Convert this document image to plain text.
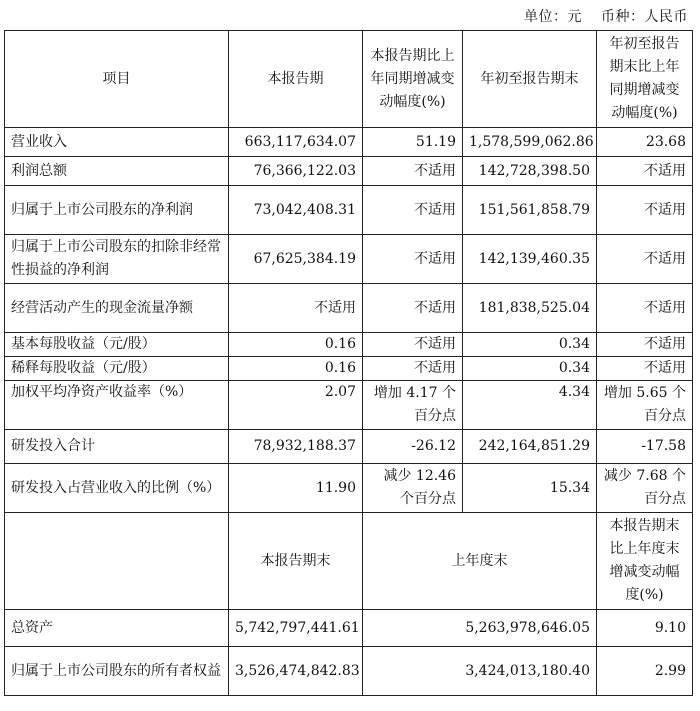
单位：元 币种：人民币
项目	本报告期	本报告期比上年同期增减变动幅度(%)	年初至报告期末	年初至报告期末比上年同期增减变动幅度(%)
营业收入	663,117,634.07	51.19	1,578,599,062.86	23.68
利润总额	76,366,122.03	不适用	142,728,398.50	不适用
归属于上市公司股东的净利润	73,042,408.31	不适用	151,561,858.79	不适用
归属于上市公司股东的扣除非经常性损益的净利润	67,625,384.19	不适用	142,139,460.35	不适用
经营活动产生的现金流量净额	不适用	不适用	181,838,525.04	不适用
基本每股收益（元/股）	0.16	不适用	0.34	不适用
稀释每股收益（元/股）	0.16	不适用	0.34	不适用
加权平均净资产收益率（%）	2.07	增加 4.17 个百分点	4.34	增加 5.65 个百分点
研发投入合计	78,932,188.37	-26.12	242,164,851.29	-17.58
研发投入占营业收入的比例（%）	11.90	减少 12.46 个百分点	15.34	减少 7.68 个百分点
	本报告期末	上年度末		本报告期末比上年度末增减变动幅度(%)
总资产	5,742,797,441.61	5,263,978,646.05		9.10
归属于上市公司股东的所有者权益	3,526,474,842.83	3,424,013,180.40		2.99
